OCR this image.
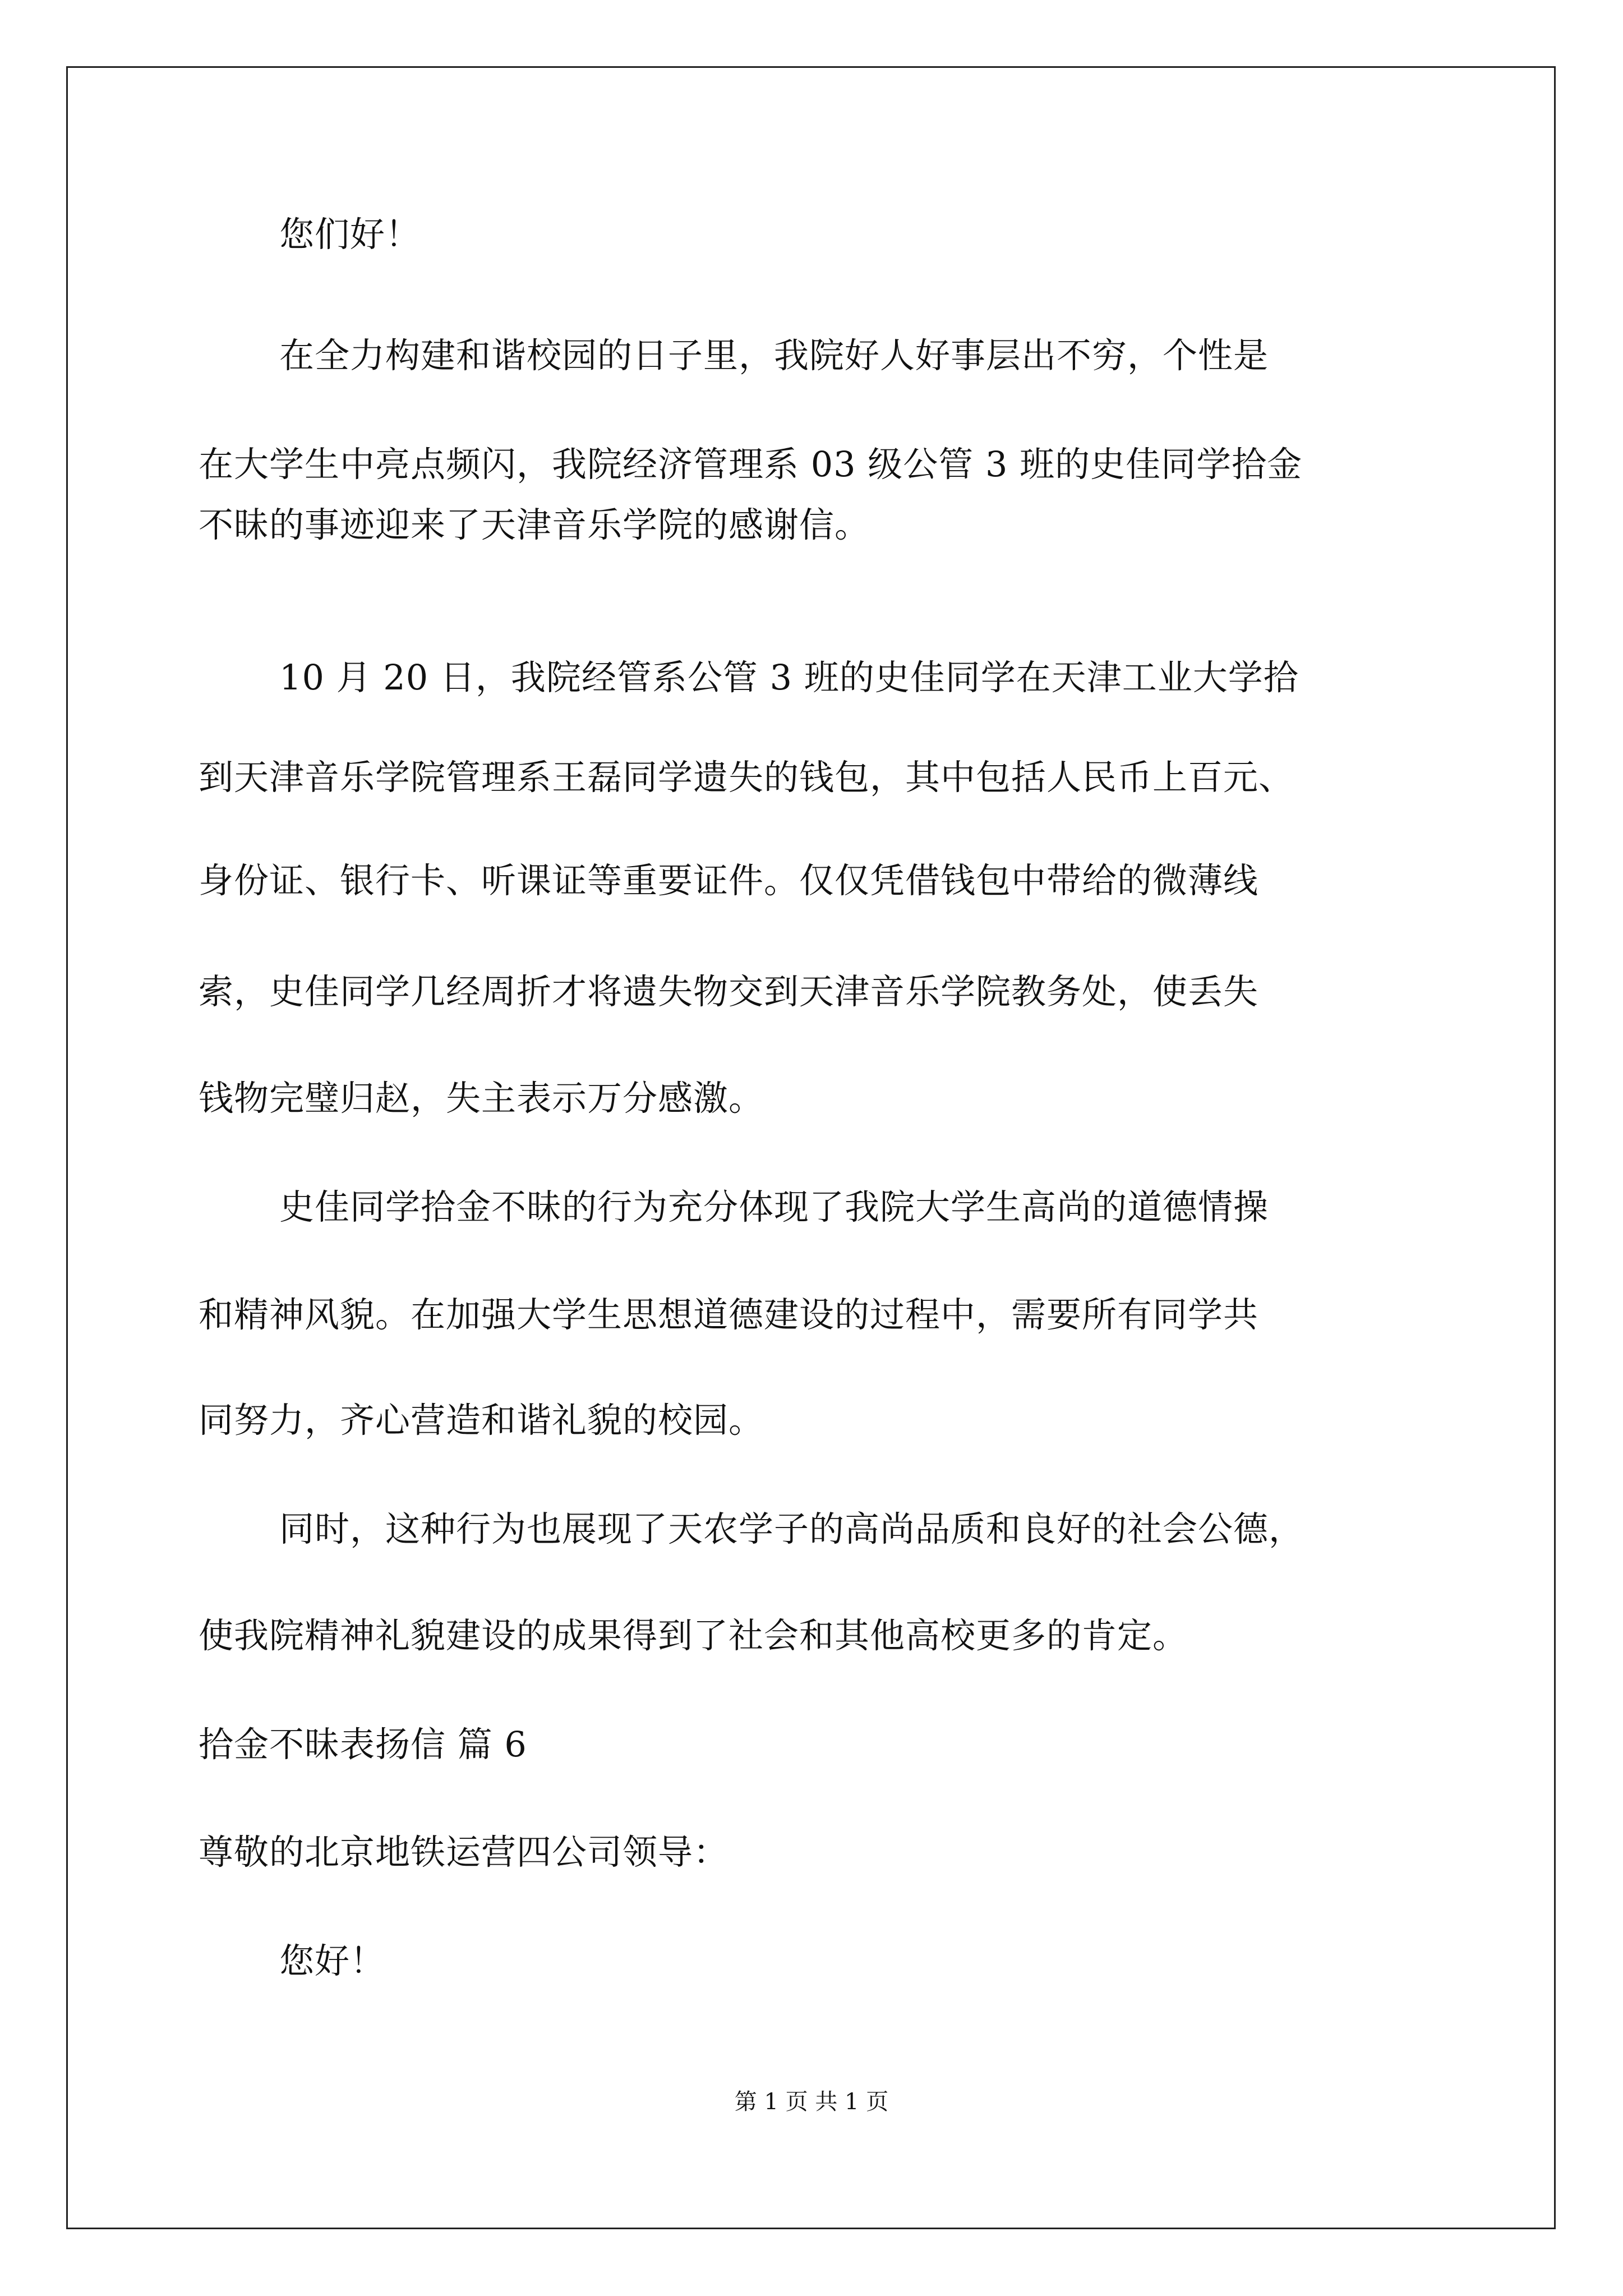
您们好！
在全力构建和谐校园的日子里，我院好人好事层出不穷，个性是
在大学生中亮点频闪，我院经济管理系 03 级公管 3 班的史佳同学拾金
不昧的事迹迎来了天津音乐学院的感谢信。
10 月 20 日，我院经管系公管 3 班的史佳同学在天津工业大学拾
到天津音乐学院管理系王磊同学遗失的钱包，其中包括人民币上百元、
身份证、银行卡、听课证等重要证件。仅仅凭借钱包中带给的微薄线
索，史佳同学几经周折才将遗失物交到天津音乐学院教务处，使丢失
钱物完璧归赵，失主表示万分感激。
史佳同学拾金不昧的行为充分体现了我院大学生高尚的道德情操
和精神风貌。在加强大学生思想道德建设的过程中，需要所有同学共
同努力，齐心营造和谐礼貌的校园。
同时，这种行为也展现了天农学子的高尚品质和良好的社会公德，
使我院精神礼貌建设的成果得到了社会和其他高校更多的肯定。
拾金不昧表扬信 篇 6
尊敬的北京地铁运营四公司领导：
您好！
第 1 页 共 1 页
